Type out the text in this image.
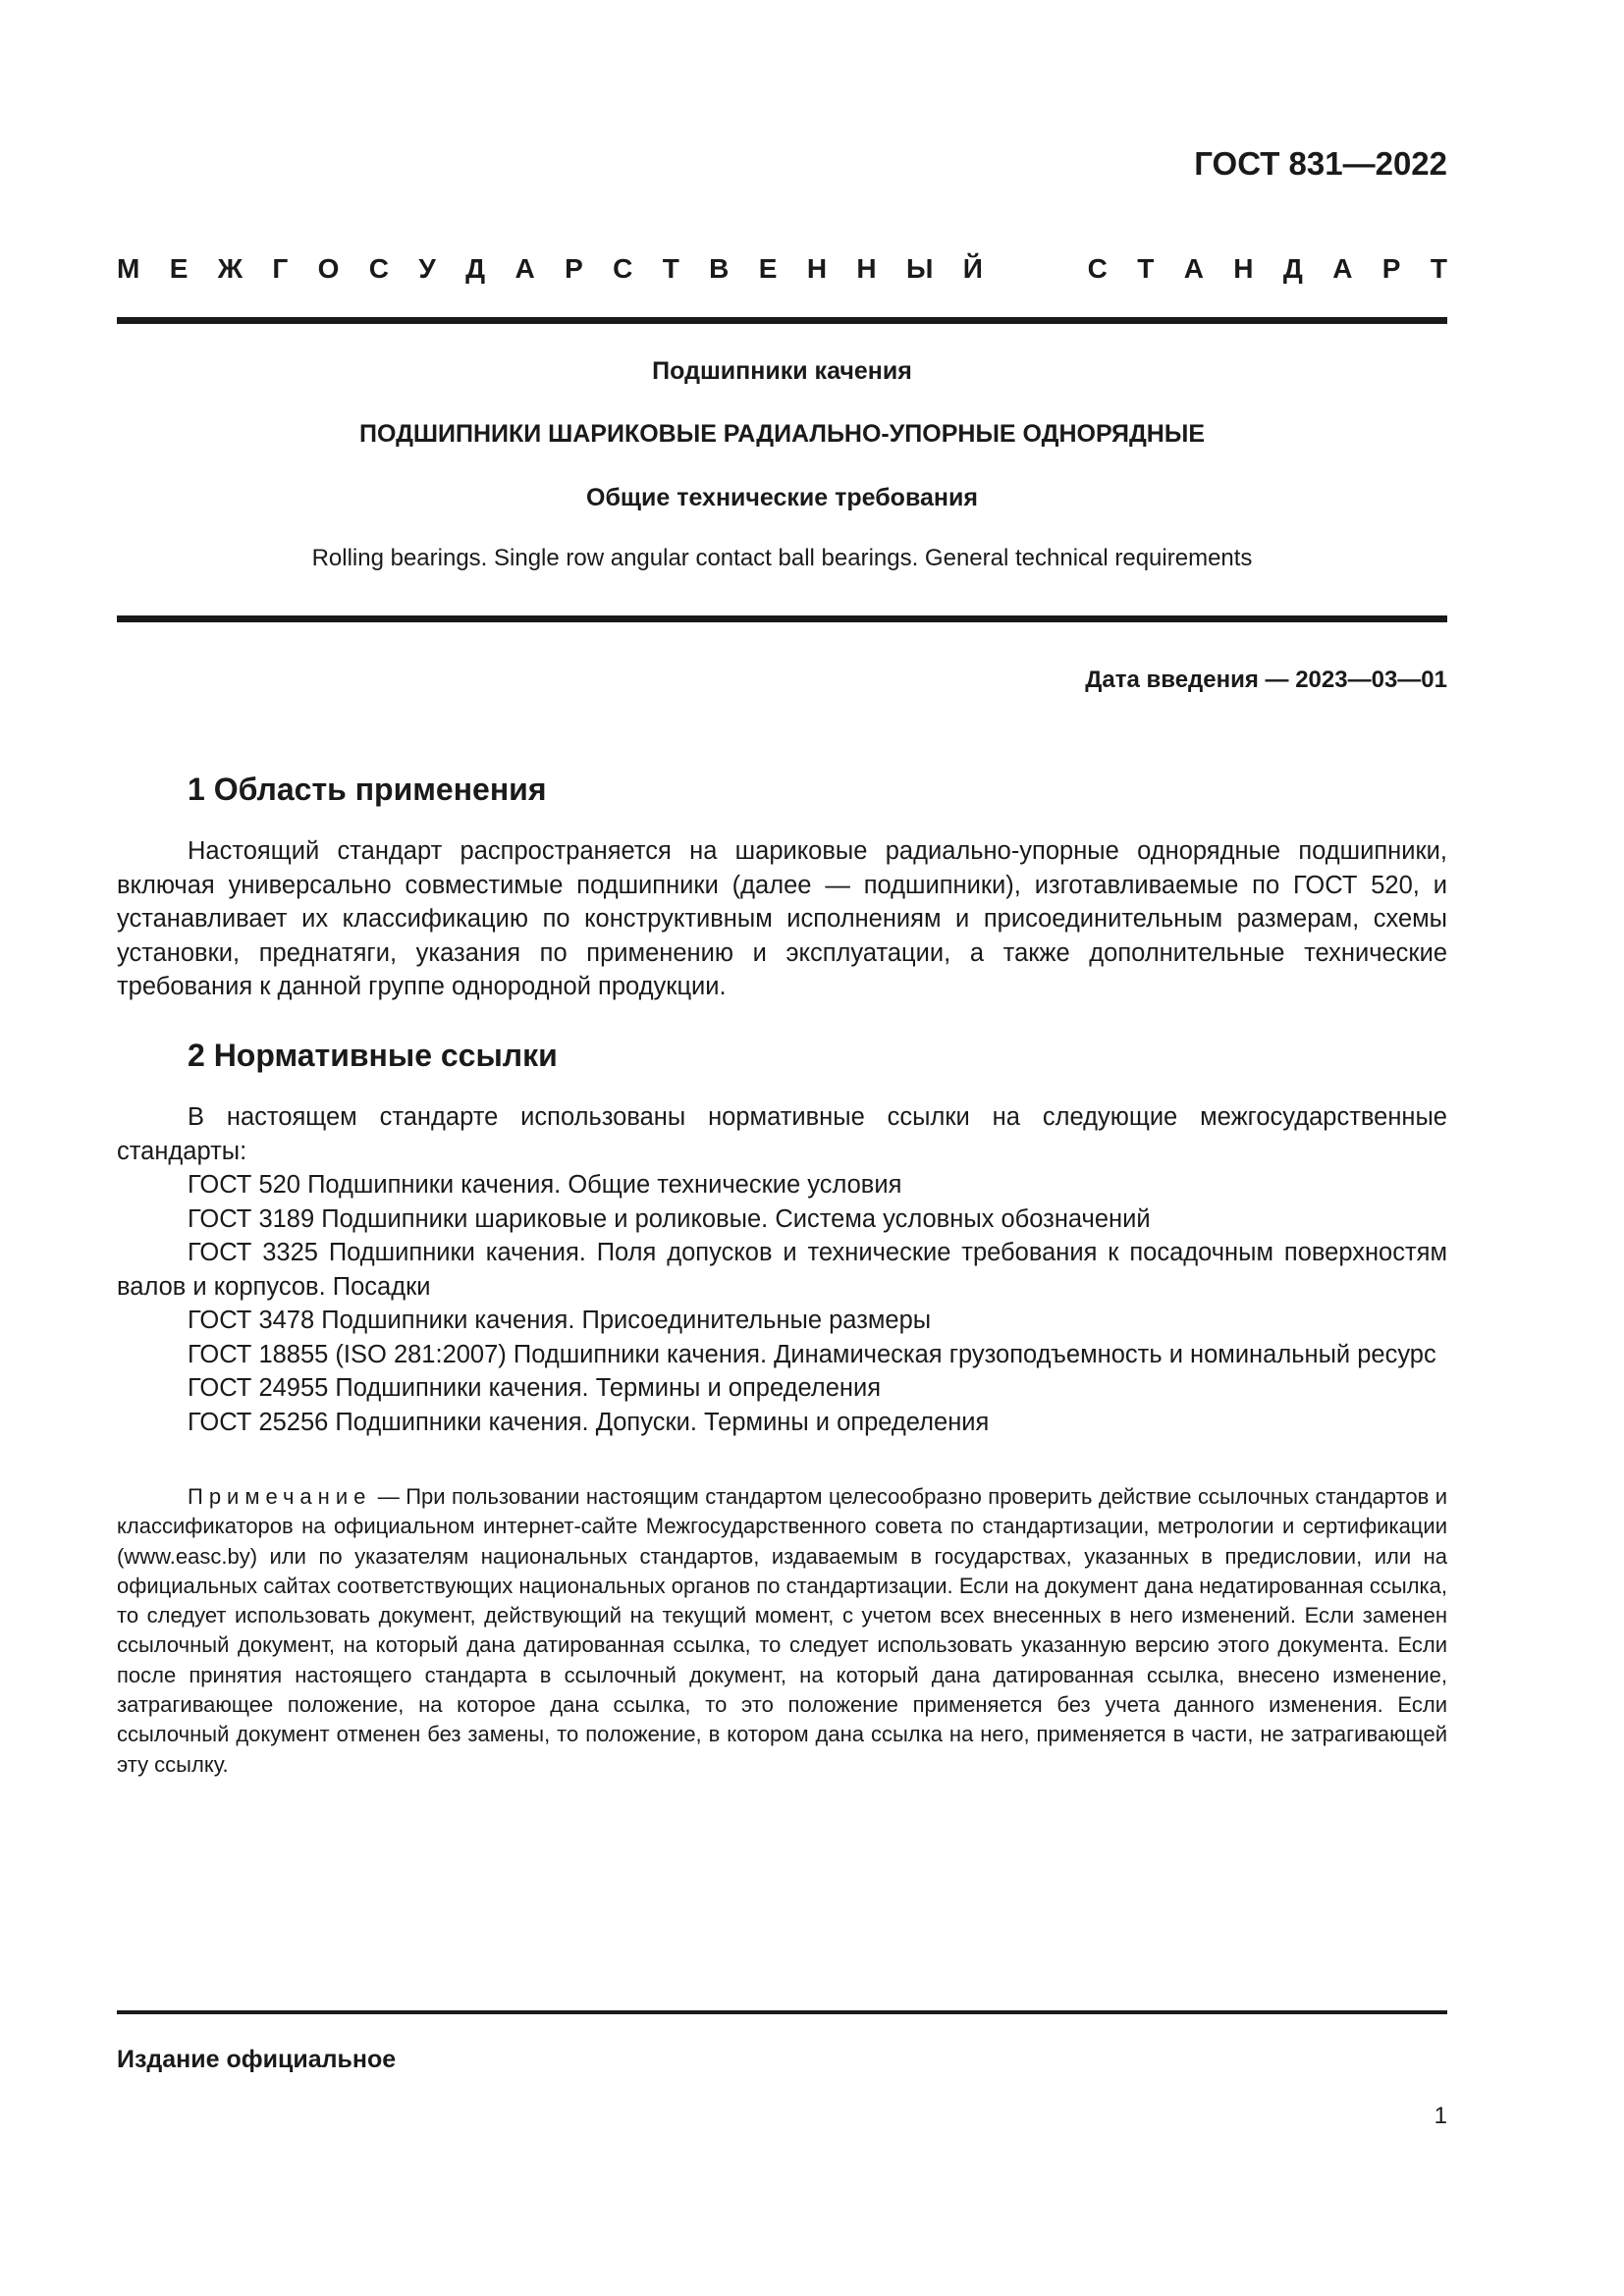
ГОСТ 831—2022
М Е Ж Г О С У Д А Р С Т В Е Н Н Ы Й	С Т А Н Д А Р Т
Подшипники качения
ПОДШИПНИКИ ШАРИКОВЫЕ РАДИАЛЬНО-УПОРНЫЕ ОДНОРЯДНЫЕ
Общие технические требования
Rolling bearings. Single row angular contact ball bearings. General technical requirements
Дата введения — 2023—03—01
1 Область применения

Настоящий стандарт распространяется на шариковые радиально-упорные однорядные подшипники, включая универсально совместимые подшипники (далее — подшипники), изготавливаемые по ГОСТ 520, и устанавливает их классификацию по конструктивным исполнениям и присоединительным размерам, схемы установки, преднатяги, указания по применению и эксплуатации, а также дополнительные технические требования к данной группе однородной продукции.

2 Нормативные ссылки

В настоящем стандарте использованы нормативные ссылки на следующие межгосударственные стандарты:

ГОСТ 520 Подшипники качения. Общие технические условия
ГОСТ 3189 Подшипники шариковые и роликовые. Система условных обозначений
ГОСТ 3325 Подшипники качения. Поля допусков и технические требования к посадочным поверхностям валов и корпусов. Посадки
ГОСТ 3478 Подшипники качения. Присоединительные размеры
ГОСТ 18855 (ISO 281:2007) Подшипники качения. Динамическая грузоподъемность и номинальный ресурс
ГОСТ 24955 Подшипники качения. Термины и определения
ГОСТ 25256 Подшипники качения. Допуски. Термины и определения

Примечание — При пользовании настоящим стандартом целесообразно проверить действие ссылочных стандартов и классификаторов на официальном интернет-сайте Межгосударственного совета по стандартизации, метрологии и сертификации (www.easc.by) или по указателям национальных стандартов, издаваемым в государствах, указанных в предисловии, или на официальных сайтах соответствующих национальных органов по стандартизации. Если на документ дана недатированная ссылка, то следует использовать документ, действующий на текущий момент, с учетом всех внесенных в него изменений. Если заменен ссылочный документ, на который дана датированная ссылка, то следует использовать указанную версию этого документа. Если после принятия настоящего стандарта в ссылочный документ, на который дана датированная ссылка, внесено изменение, затрагивающее положение, на которое дана ссылка, то это положение применяется без учета данного изменения. Если ссылочный документ отменен без замены, то положение, в котором дана ссылка на него, применяется в части, не затрагивающей эту ссылку.

Издание официальное
1
